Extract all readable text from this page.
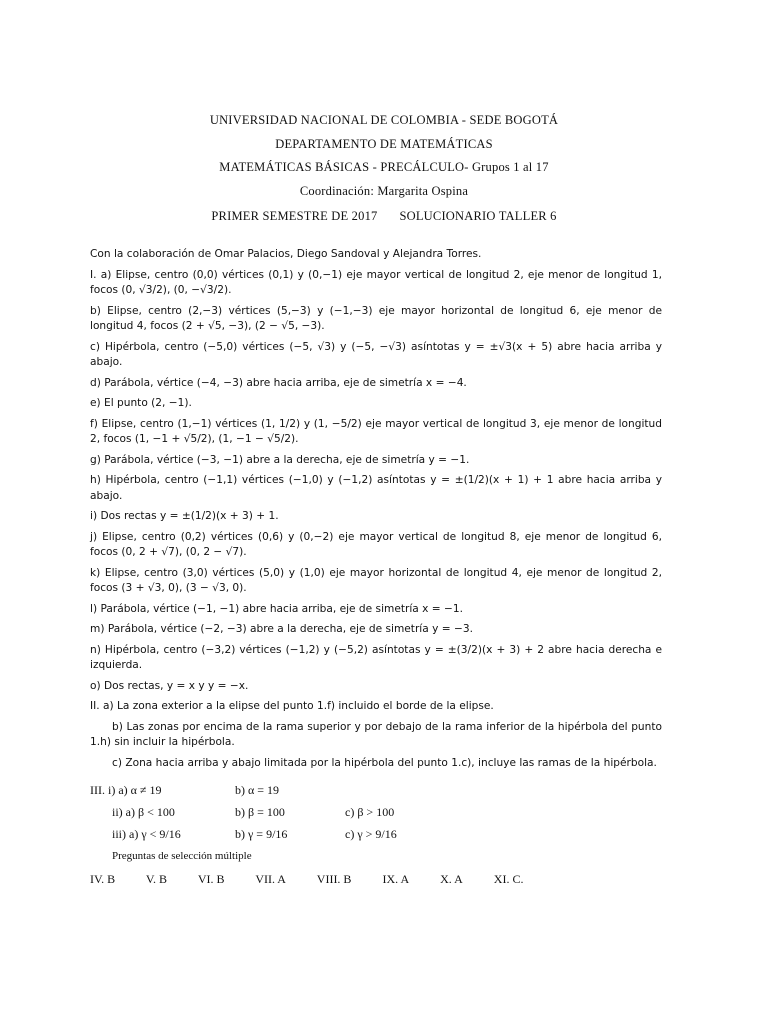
UNIVERSIDAD NACIONAL DE COLOMBIA - SEDE BOGOTÁ
DEPARTAMENTO DE MATEMÁTICAS
MATEMÁTICAS BÁSICAS - PRECÁLCULO- Grupos 1 al 17
Coordinación: Margarita Ospina
PRIMER SEMESTRE DE 2017 SOLUCIONARIO TALLER 6

Con la colaboración de Omar Palacios, Diego Sandoval y Alejandra Torres.

I. a) Elipse, centro (0,0) vértices (0,1) y (0,−1) eje mayor vertical de longitud 2, eje menor de longitud 1, focos (0, √3/2), (0, −√3/2).

b) Elipse, centro (2,−3) vértices (5,−3) y (−1,−3) eje mayor horizontal de longitud 6, eje menor de longitud 4, focos (2 + √5, −3), (2 − √5, −3).

c) Hipérbola, centro (−5,0) vértices (−5, √3) y (−5, −√3) asíntotas y = ±√3(x + 5) abre hacia arriba y abajo.

d) Parábola, vértice (−4, −3) abre hacia arriba, eje de simetría x = −4.

e) El punto (2, −1).

f) Elipse, centro (1,−1) vértices (1, 1/2) y (1, −5/2) eje mayor vertical de longitud 3, eje menor de longitud 2, focos (1, −1 + √5/2), (1, −1 − √5/2).

g) Parábola, vértice (−3, −1) abre a la derecha, eje de simetría y = −1.

h) Hipérbola, centro (−1,1) vértices (−1,0) y (−1,2) asíntotas y = ±(1/2)(x + 1) + 1 abre hacia arriba y abajo.

i) Dos rectas y = ±(1/2)(x + 3) + 1.

j) Elipse, centro (0,2) vértices (0,6) y (0,−2) eje mayor vertical de longitud 8, eje menor de longitud 6, focos (0, 2 + √7), (0, 2 − √7).

k) Elipse, centro (3,0) vértices (5,0) y (1,0) eje mayor horizontal de longitud 4, eje menor de longitud 2, focos (3 + √3, 0), (3 − √3, 0).

l) Parábola, vértice (−1, −1) abre hacia arriba, eje de simetría x = −1.

m) Parábola, vértice (−2, −3) abre a la derecha, eje de simetría y = −3.

n) Hipérbola, centro (−3,2) vértices (−1,2) y (−5,2) asíntotas y = ±(3/2)(x + 3) + 2 abre hacia derecha e izquierda.

o) Dos rectas, y = x y y = −x.

II. a) La zona exterior a la elipse del punto 1.f) incluido el borde de la elipse.

b) Las zonas por encima de la rama superior y por debajo de la rama inferior de la hipérbola del punto 1.h) sin incluir la hipérbola.

c) Zona hacia arriba y abajo limitada por la hipérbola del punto 1.c), incluye las ramas de la hipérbola.

III. i) a) α ≠ 19	b) α = 19
ii) a) β < 100	b) β = 100	c) β > 100
iii) a) γ < 9/16	b) γ = 9/16	c) γ > 9/16
Preguntas de selección múltiple
IV. B	V. B	VI. B	VII. A	VIII. B	IX. A	X. A	XI. C.
